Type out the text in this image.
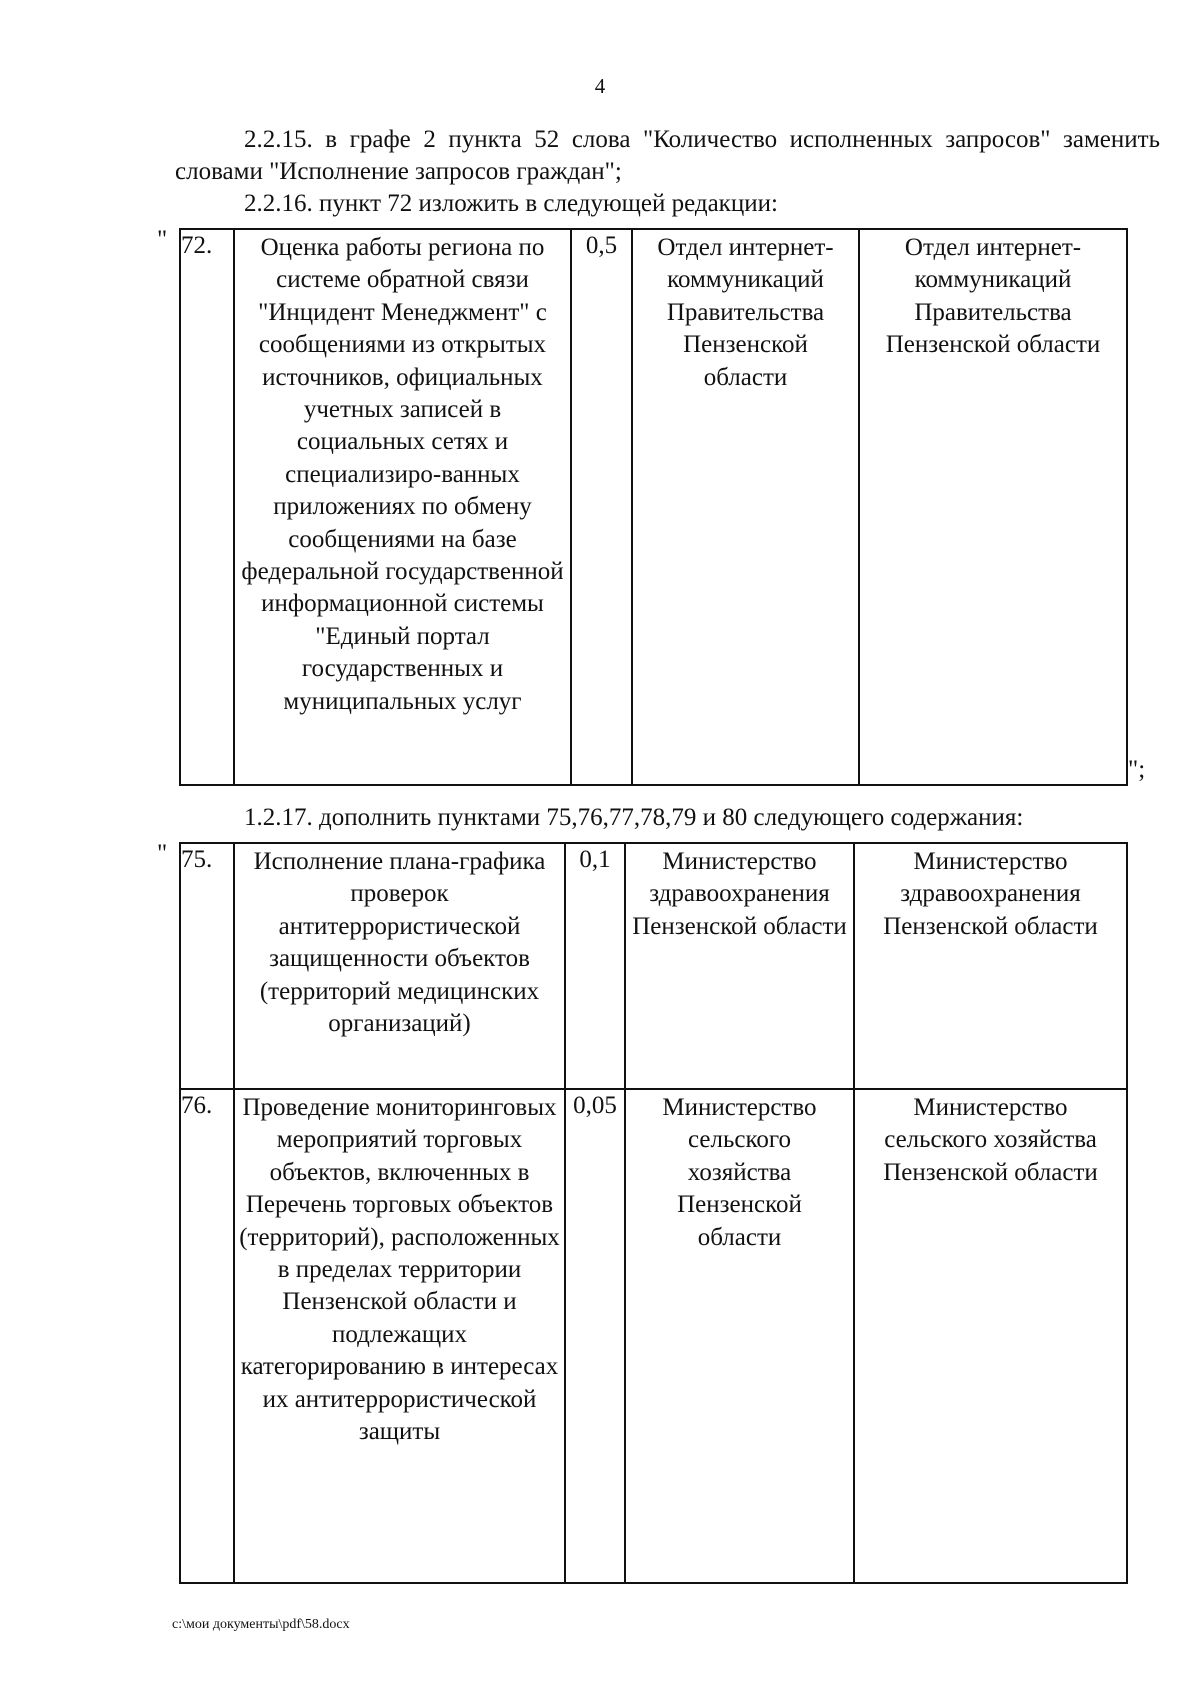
4
2.2.15. в графе 2 пункта 52 слова "Количество исполненных запросов" заменить словами "Исполнение запросов граждан";
2.2.16. пункт 72 изложить в следующей редакции:
" 72.	Оценка работы региона по системе обратной связи "Инцидент Менеджмент" с сообщениями из открытых источников, официальных учетных записей в социальных сетях и специализиро-ванных приложениях по обмену сообщениями на базе федеральной государственной информационной системы "Единый портал государственных и муниципальных услуг	0,5	Отдел интернет-коммуникаций Правительства Пензенской области	Отдел интернет-коммуникаций Правительства Пензенской области
";
1.2.17. дополнить пунктами 75,76,77,78,79 и 80 следующего содержания:
" 75.	Исполнение плана-графика проверок антитеррористической защищенности объектов (территорий медицинских организаций)	0,1	Министерство здравоохранения Пензенской области	Министерство здравоохранения Пензенской области
76.	Проведение мониторинговых мероприятий торговых объектов, включенных в Перечень торговых объектов (территорий), расположенных в пределах территории Пензенской области и подлежащих категорированию в интересах их антитеррористической защиты	0,05	Министерство сельского хозяйства Пензенской области	Министерство сельского хозяйства Пензенской области
c:\мои документы\pdf\58.docx
